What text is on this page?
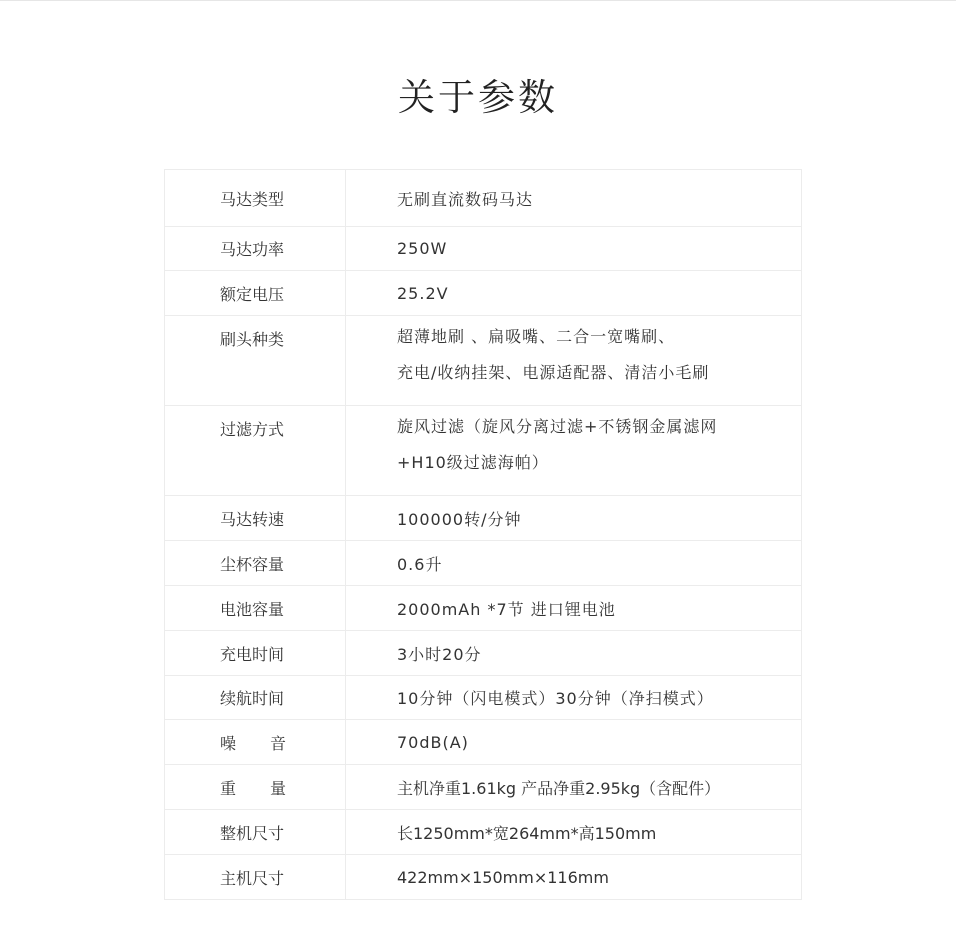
关于参数
马达类型	无刷直流数码马达
马达功率	250W
额定电压	25.2V
刷头种类	超薄地刷 、扁吸嘴、二合一宽嘴刷、
充电/收纳挂架、电源适配器、清洁小毛刷
过滤方式	旋风过滤（旋风分离过滤+不锈钢金属滤网
+H10级过滤海帕）
马达转速	100000转/分钟
尘杯容量	0.6升
电池容量	2000mAh *7节 进口锂电池
充电时间	3小时20分
续航时间	10分钟（闪电模式）30分钟（净扫模式）
噪 音	70dB(A)
重 量	主机净重1.61kg 产品净重2.95kg（含配件）
整机尺寸	长1250mm*宽264mm*高150mm
主机尺寸	422mm×150mm×116mm
